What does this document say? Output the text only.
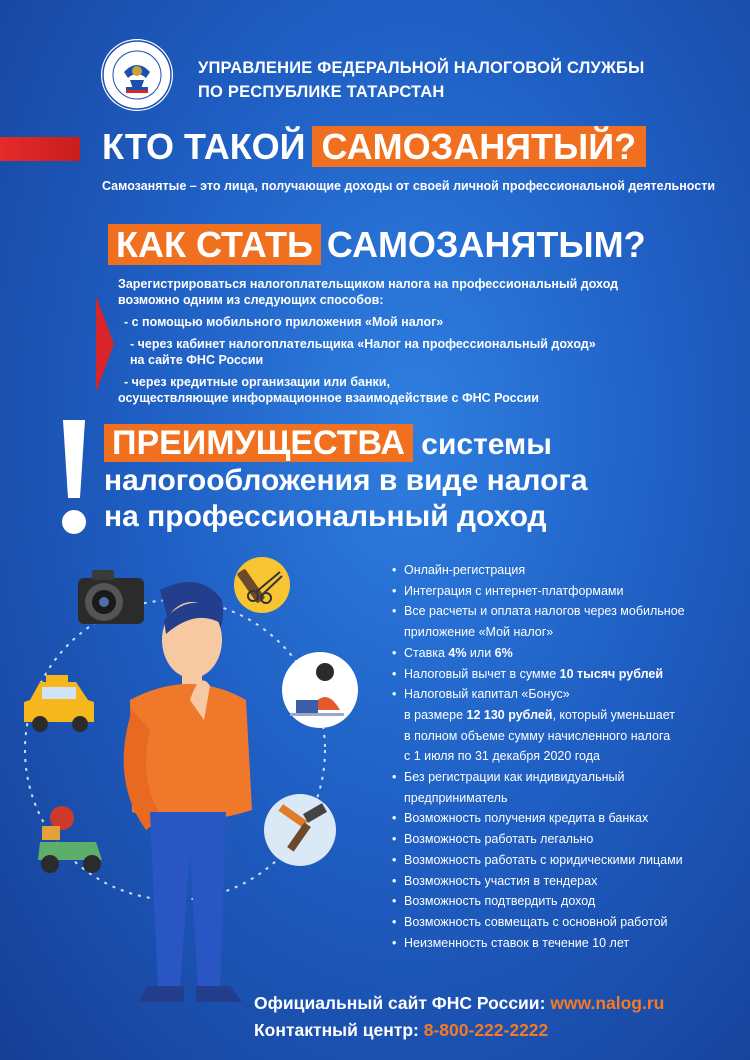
УПРАВЛЕНИЕ ФЕДЕРАЛЬНОЙ НАЛОГОВОЙ СЛУЖБЫ
ПО РЕСПУБЛИКЕ ТАТАРСТАН
КТО ТАКОЙ САМОЗАНЯТЫЙ?
Самозанятые – это лица, получающие доходы от своей личной профессиональной деятельности
КАК СТАТЬ САМОЗАНЯТЫМ?

Зарегистрироваться налогоплательщиком налога на профессиональный доход

возможно одним из следующих способов:

- с помощью мобильного приложения «Мой налог»

- через кабинет налогоплательщика «Налог на профессиональный доход»

на сайте ФНС России

- через кредитные организации или банки,

осуществляющие информационное взаимодействие с ФНС России

ПРЕИМУЩЕСТВА системы
налогообложения в виде налога
на профессиональный доход
• Онлайн-регистрация
• Интеграция с интернет-платформами
• Все расчеты и оплата налогов через мобильное
приложение «Мой налог»
• Ставка 4% или 6%
• Налоговый вычет в сумме 10 тысяч рублей
• Налоговый капитал «Бонус»
в размере 12 130 рублей, который уменьшает
в полном объеме сумму начисленного налога
с 1 июля по 31 декабря 2020 года
• Без регистрации как индивидуальный
предприниматель
• Возможность получения кредита в банках
• Возможность работать легально
• Возможность работать с юридическими лицами
• Возможность участия в тендерах
• Возможность подтвердить доход
• Возможность совмещать с основной работой
• Неизменность ставок в течение 10 лет
Официальный сайт ФНС России: www.nalog.ru
Контактный центр: 8-800-222-2222
